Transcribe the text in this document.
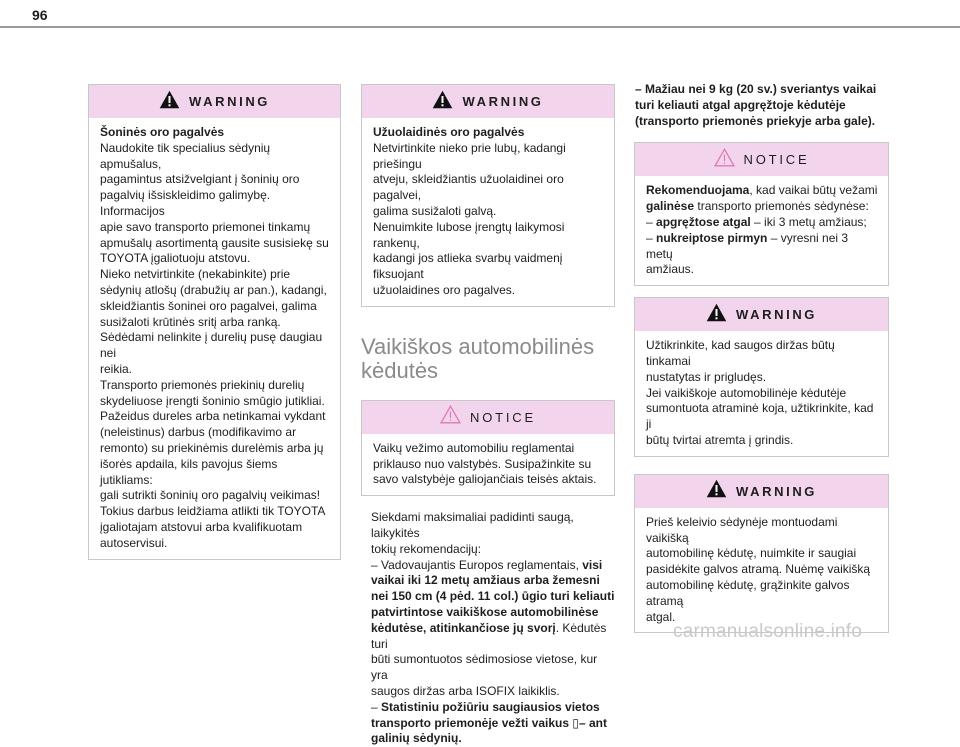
96
WARNING

Šoninės oro pagalvės

Naudokite tik specialius sėdynių apmušalus,
pagamintus atsižvelgiant į šoninių oro
pagalvių išsiskleidimo galimybę. Informacijos
apie savo transporto priemonei tinkamų
apmušalų asortimentą gausite susisiekę su
TOYOTA įgaliotuoju atstovu.
Nieko netvirtinkite (nekabinkite) prie
sėdynių atlošų (drabužių ar pan.), kadangi,
skleidžiantis šoninei oro pagalvei, galima
susižaloti krūtinės sritį arba ranką.
Sėdėdami nelinkite į durelių pusę daugiau nei
reikia.
Transporto priemonės priekinių durelių
skydeliuose įrengti šoninio smūgio jutikliai.
Pažeidus dureles arba netinkamai vykdant
(neleistinus) darbus (modifikavimo ar
remonto) su priekinėmis durelėmis arba jų
išorės apdaila, kils pavojus šiems jutikliams:
gali sutrikti šoninių oro pagalvių veikimas!
Tokius darbus leidžiama atlikti tik TOYOTA
įgaliotajam atstovui arba kvalifikuotam
autoservisui.
WARNING

Užuolaidinės oro pagalvės

Netvirtinkite nieko prie lubų, kadangi priešingu
atveju, skleidžiantis užuolaidinei oro pagalvei,
galima susižaloti galvą.
Nenuimkite lubose įrengtų laikymosi rankenų,
kadangi jos atlieka svarbų vaidmenį fiksuojant
užuolaidines oro pagalves.
Vaikiškos automobilinės
kėdutės
NOTICE
Vaikų vežimo automobiliu reglamentai
priklauso nuo valstybės. Susipažinkite su
savo valstybėje galiojančiais teisės aktais.
Siekdami maksimaliai padidinti saugą, laikykitės
tokių rekomendacijų:
– Vadovaujantis Europos reglamentais, visi
vaikai iki 12 metų amžiaus arba žemesni
nei 150 cm (4 pėd. 11 col.) ūgio turi keliauti
patvirtintose vaikiškose automobilinėse
kėdutėse, atitinkančiose jų svorį. Kėdutės turi
būti sumontuotos sėdimosiose vietose, kur yra
saugos diržas arba ISOFIX laikiklis.
– Statistiniu požiūriu saugiausios vietos
transporto priemonėje vežti vaikus ▯– ant
galinių sėdynių.
– Mažiau nei 9 kg (20 sv.) sveriantys vaikai
turi keliauti atgal apgręžtoje kėdutėje
(transporto priemonės priekyje arba gale).
NOTICE
Rekomenduojama, kad vaikai būtų vežami
galinėse transporto priemonės sėdynėse:
– apgręžtose atgal – iki 3 metų amžiaus;
– nukreiptose pirmyn – vyresni nei 3 metų
amžiaus.
WARNING
Užtikrinkite, kad saugos diržas būtų tinkamai
nustatytas ir prigludęs.
Jei vaikiškoje automobilinėje kėdutėje
sumontuota atraminė koja, užtikrinkite, kad ji
būtų tvirtai atremta į grindis.
WARNING
Prieš keleivio sėdynėje montuodami vaikišką
automobilinę kėdutę, nuimkite ir saugiai
pasidėkite galvos atramą. Nuėmę vaikišką
automobilinę kėdutę, grąžinkite galvos atramą
atgal.
carmanualsonline.info
